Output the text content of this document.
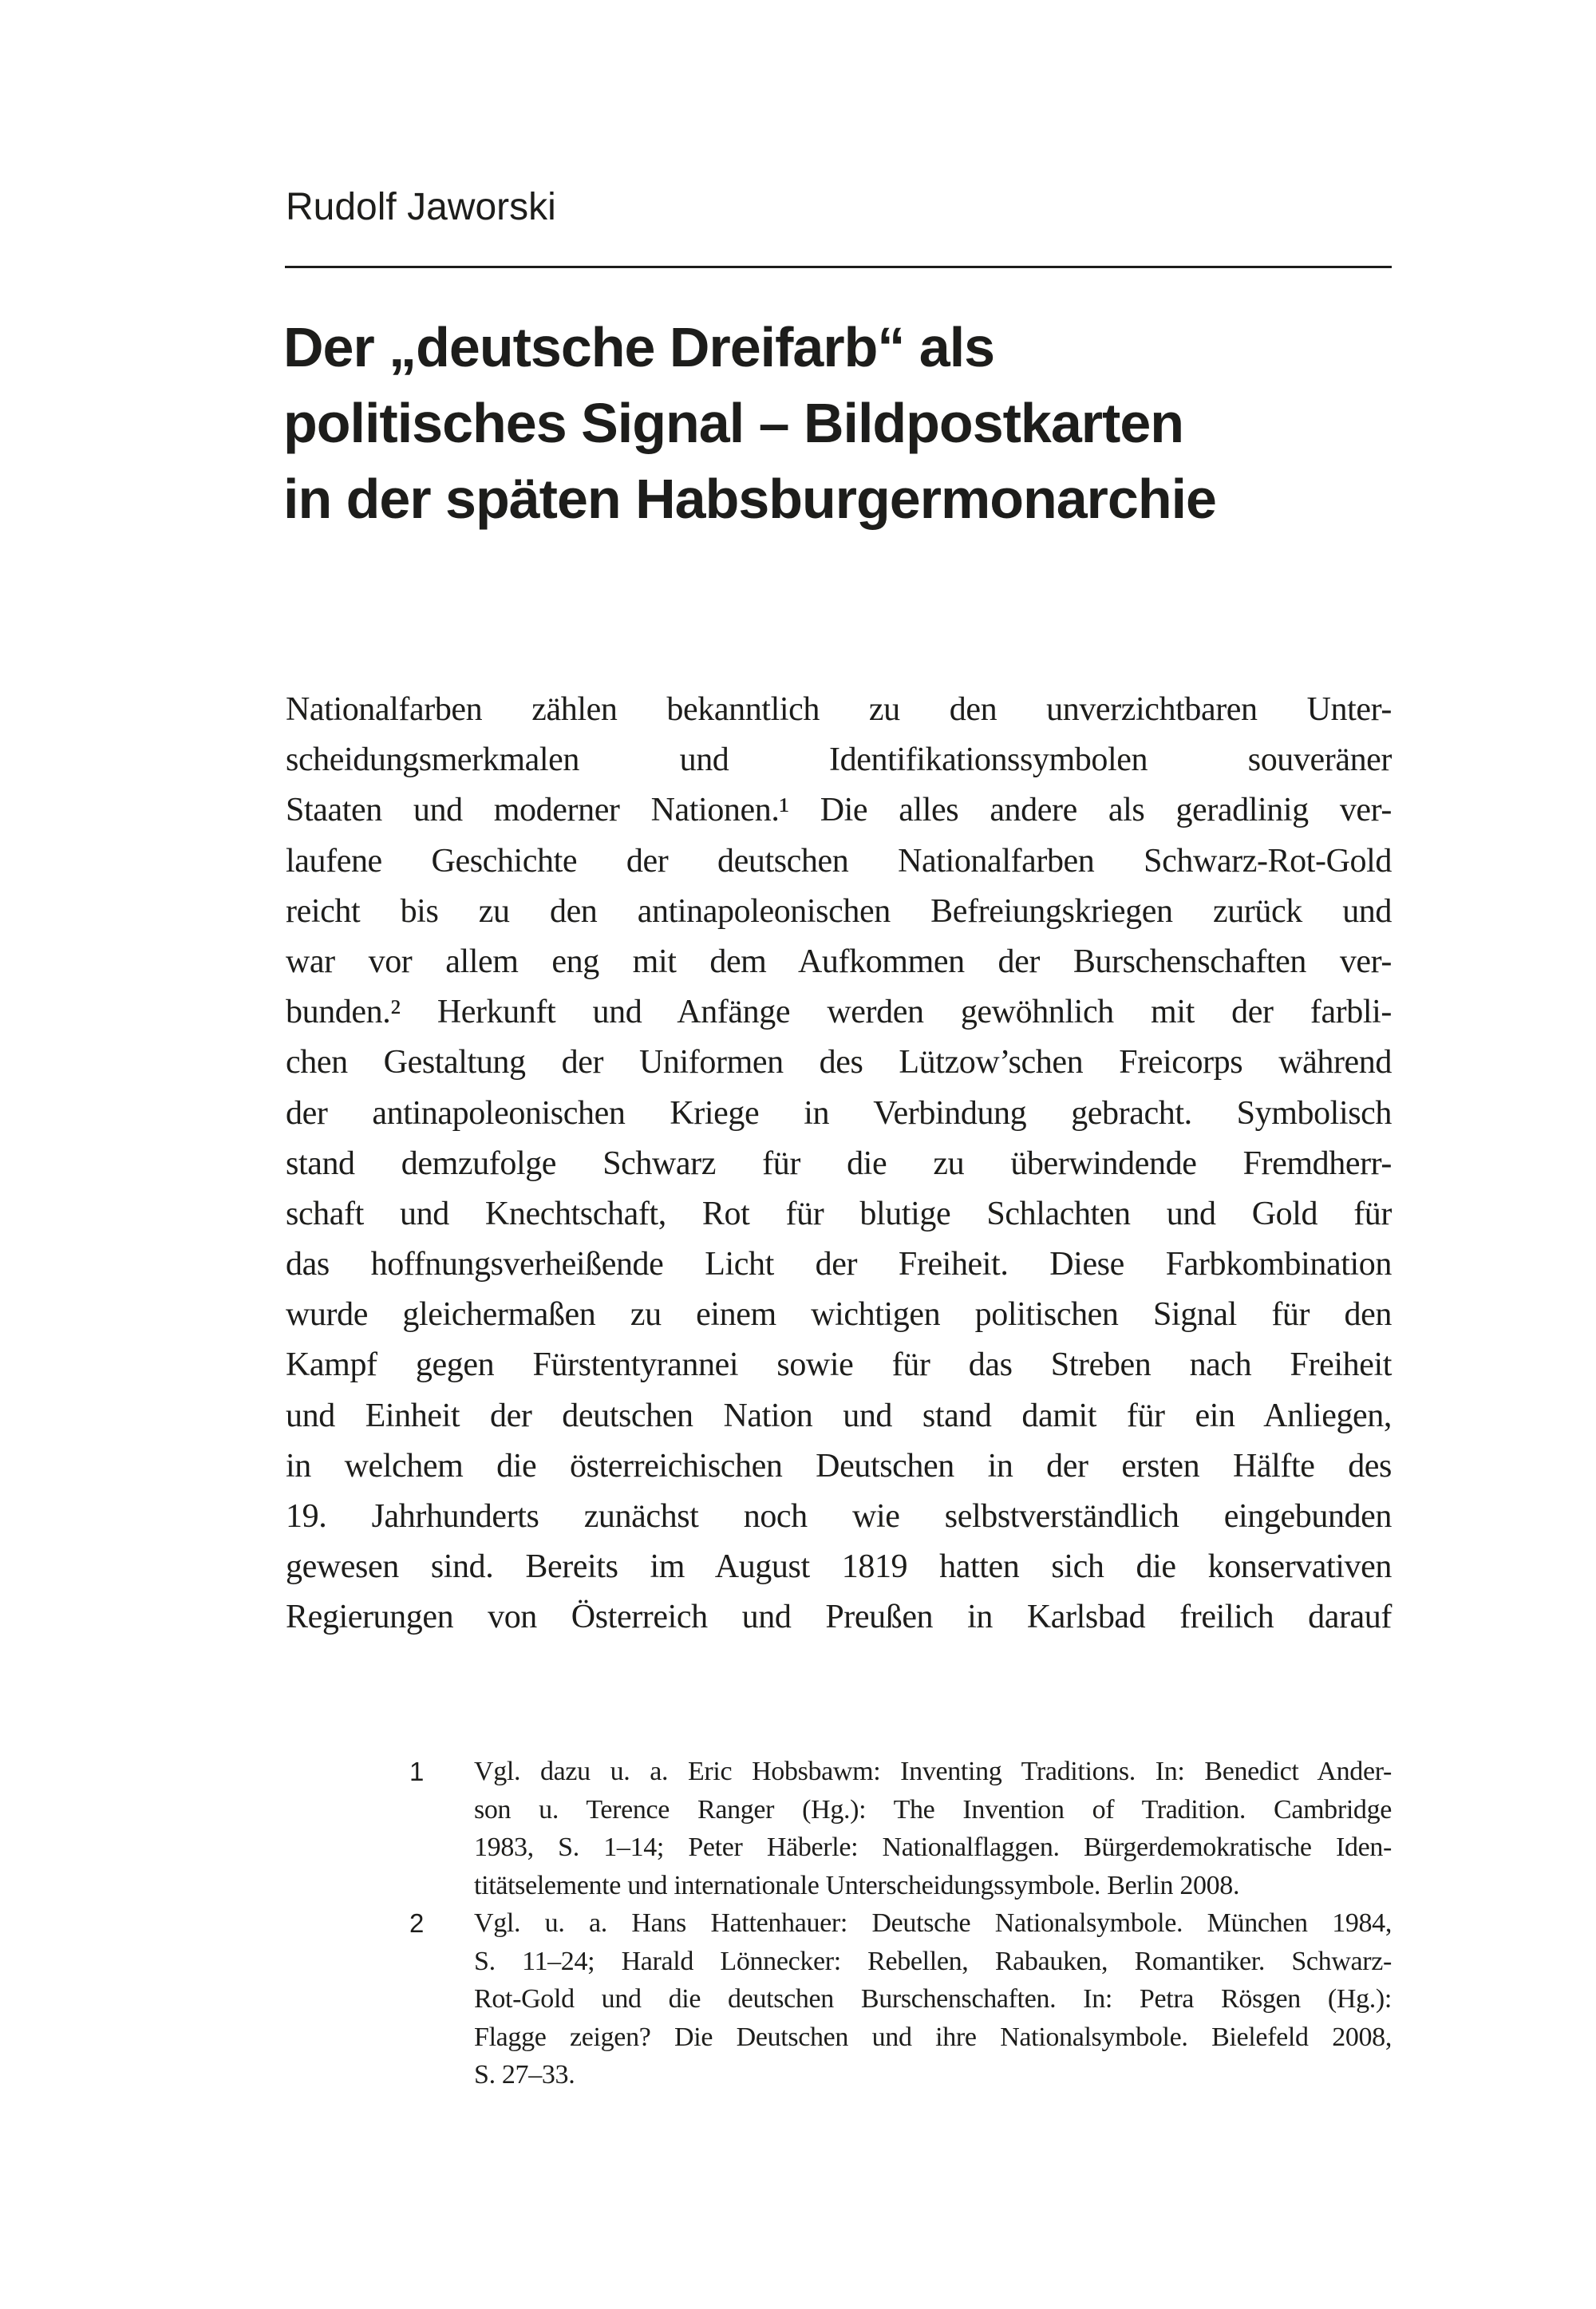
Rudolf Jaworski
Der „deutsche Dreifarb“ als
politisches Signal – Bildpostkarten
in der späten Habsburgermonarchie
Nationalfarben zählen bekanntlich zu den unverzichtbaren Unter-
scheidungsmerkmalen und Identifikationssymbolen souveräner
Staaten und moderner Nationen.¹ Die alles andere als geradlinig ver-
laufene Geschichte der deutschen Nationalfarben Schwarz-Rot-Gold
reicht bis zu den antinapoleonischen Befreiungskriegen zurück und
war vor allem eng mit dem Aufkommen der Burschenschaften ver-
bunden.² Herkunft und Anfänge werden gewöhnlich mit der farbli-
chen Gestaltung der Uniformen des Lützow’schen Freicorps während
der antinapoleonischen Kriege in Verbindung gebracht. Symbolisch
stand demzufolge Schwarz für die zu überwindende Fremdherr-
schaft und Knechtschaft, Rot für blutige Schlachten und Gold für
das hoffnungsverheißende Licht der Freiheit. Diese Farbkombination
wurde gleichermaßen zu einem wichtigen politischen Signal für den
Kampf gegen Fürstentyrannei sowie für das Streben nach Freiheit
und Einheit der deutschen Nation und stand damit für ein Anliegen,
in welchem die österreichischen Deutschen in der ersten Hälfte des
19. Jahrhunderts zunächst noch wie selbstverständlich eingebunden
gewesen sind. Bereits im August 1819 hatten sich die konservativen
Regierungen von Österreich und Preußen in Karlsbad freilich darauf
1	Vgl. dazu u. a. Eric Hobsbawm: Inventing Traditions. In: Benedict Ander-
son u. Terence Ranger (Hg.): The Invention of Tradition. Cambridge
1983, S. 1–14; Peter Häberle: Nationalflaggen. Bürgerdemokratische Iden-
titätselemente und internationale Unterscheidungssymbole. Berlin 2008.
2	Vgl. u. a. Hans Hattenhauer: Deutsche Nationalsymbole. München 1984,
S. 11–24; Harald Lönnecker: Rebellen, Rabauken, Romantiker. Schwarz-
Rot-Gold und die deutschen Burschenschaften. In: Petra Rösgen (Hg.):
Flagge zeigen? Die Deutschen und ihre Nationalsymbole. Bielefeld 2008,
S. 27–33.
